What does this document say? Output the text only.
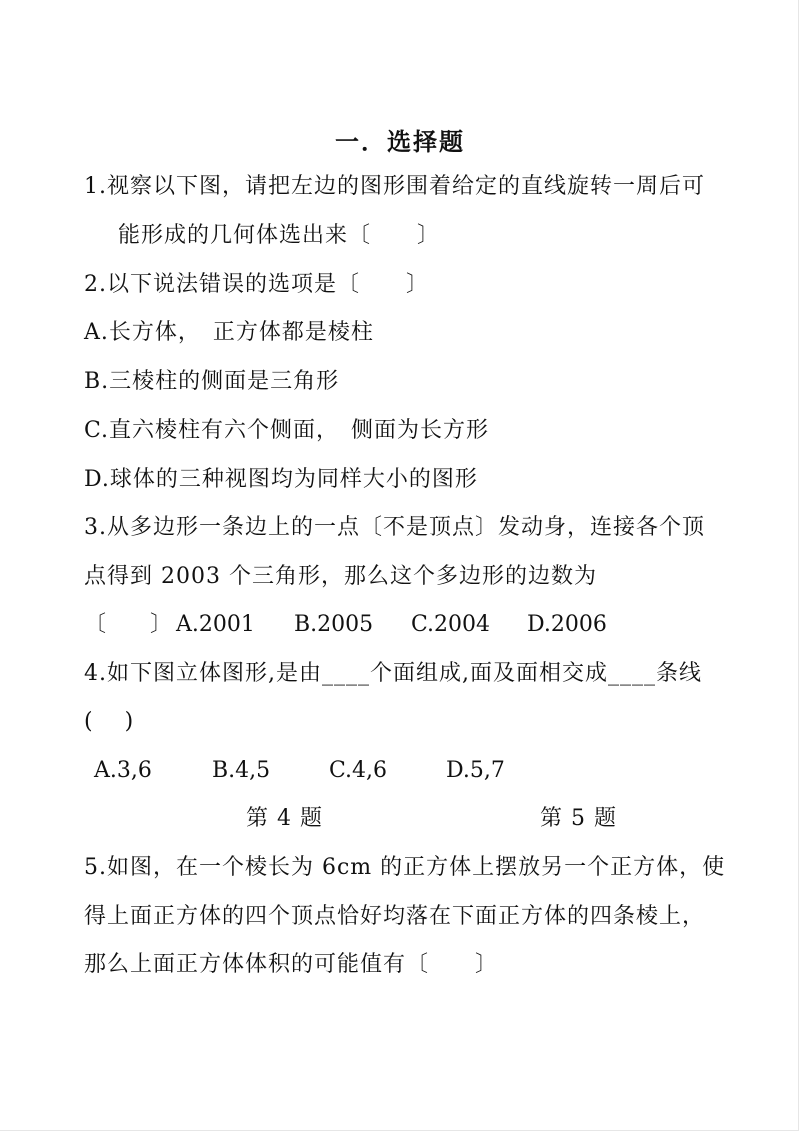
一．选择题
1.视察以下图，请把左边的图形围着给定的直线旋转一周后可
能形成的几何体选出来〔　　〕
2.以下说法错误的选项是〔　　〕
A.长方体，　正方体都是棱柱
B.三棱柱的侧面是三角形
C.直六棱柱有六个侧面，　侧面为长方形
D.球体的三种视图均为同样大小的图形
3.从多边形一条边上的一点〔不是顶点〕发动身，连接各个顶
点得到 2003 个三角形，那么这个多边形的边数为
〔　　〕 A.2001 B.2005 C.2004 D.2006
4.如下图立体图形,是由____个面组成,面及面相交成____条线
(　 )
A.3,6	B.4,5	C.4,6	D.5,7
第 4 题	第 5 题
5.如图，在一个棱长为 6cm 的正方体上摆放另一个正方体，使
得上面正方体的四个顶点恰好均落在下面正方体的四条棱上，
那么上面正方体体积的可能值有〔　　〕
